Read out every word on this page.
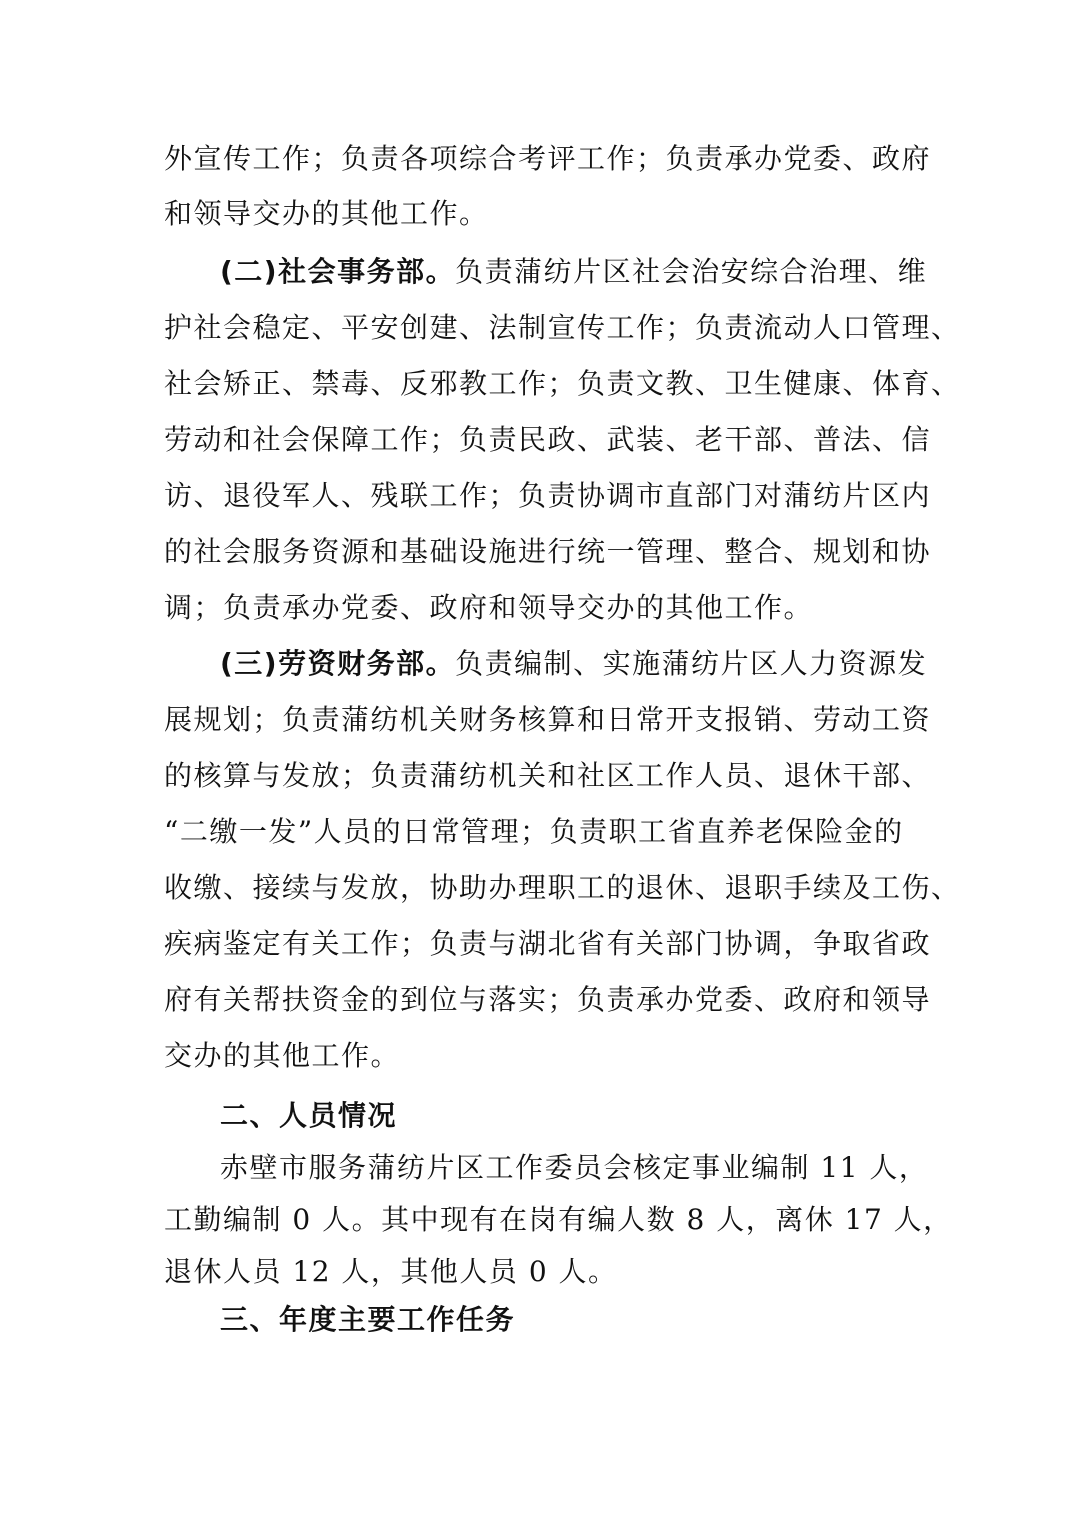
外宣传工作；负责各项综合考评工作；负责承办党委、政府
和领导交办的其他工作。
(二)社会事务部。负责蒲纺片区社会治安综合治理、维
护社会稳定、平安创建、法制宣传工作；负责流动人口管理、
社会矫正、禁毒、反邪教工作；负责文教、卫生健康、体育、
劳动和社会保障工作；负责民政、武装、老干部、普法、信
访、退役军人、残联工作；负责协调市直部门对蒲纺片区内
的社会服务资源和基础设施进行统一管理、整合、规划和协
调；负责承办党委、政府和领导交办的其他工作。
(三)劳资财务部。负责编制、实施蒲纺片区人力资源发
展规划；负责蒲纺机关财务核算和日常开支报销、劳动工资
的核算与发放；负责蒲纺机关和社区工作人员、退休干部、
“二缴一发”人员的日常管理；负责职工省直养老保险金的
收缴、接续与发放，协助办理职工的退休、退职手续及工伤、
疾病鉴定有关工作；负责与湖北省有关部门协调，争取省政
府有关帮扶资金的到位与落实；负责承办党委、政府和领导
交办的其他工作。
二、人员情况
赤壁市服务蒲纺片区工作委员会核定事业编制 11 人，
工勤编制 0 人。其中现有在岗有编人数 8 人，离休 17 人，
退休人员 12 人，其他人员 0 人。
三、年度主要工作任务
